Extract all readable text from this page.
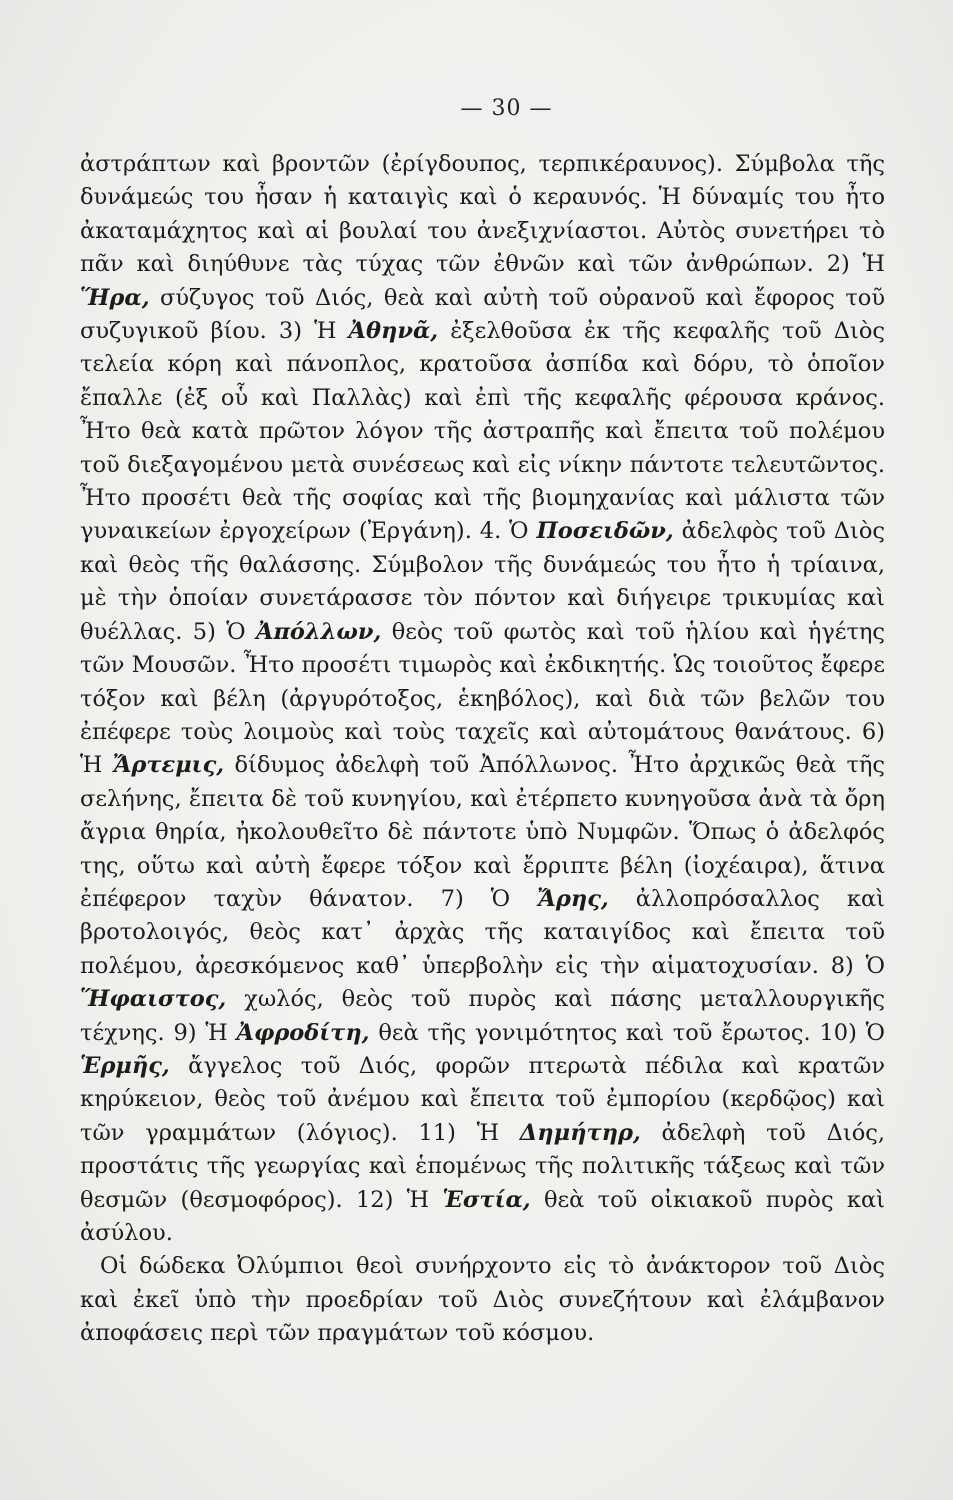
— 30 —

ἀστράπτων καὶ βροντῶν (ἐρίγδουπος, τερπικέραυνος). Σύμβολα τῆς δυνάμεώς του ἦσαν ἡ καταιγὶς καὶ ὁ κεραυνός. Ἡ δύναμίς του ἦτο ἀκαταμάχητος καὶ αἱ βουλαί του ἀνεξιχνίαστοι. Αὐτὸς συνετήρει τὸ πᾶν καὶ διηύθυνε τὰς τύχας τῶν ἐθνῶν καὶ τῶν ἀνθρώπων. 2) Ἡ Ἥρα, σύζυγος τοῦ Διός, θεὰ καὶ αὐτὴ τοῦ οὐρανοῦ καὶ ἔφορος τοῦ συζυγικοῦ βίου. 3) Ἡ Ἀθηνᾶ, ἐξελθοῦσα ἐκ τῆς κεφαλῆς τοῦ Διὸς τελεία κόρη καὶ πάνοπλος, κρατοῦσα ἀσπίδα καὶ δόρυ, τὸ ὁποῖον ἔπαλλε (ἐξ οὗ καὶ Παλλὰς) καὶ ἐπὶ τῆς κεφαλῆς φέρουσα κράνος. Ἦτο θεὰ κατὰ πρῶτον λόγον τῆς ἀστραπῆς καὶ ἔπειτα τοῦ πολέμου τοῦ διεξαγομένου μετὰ συνέσεως καὶ εἰς νίκην πάντοτε τελευτῶντος. Ἦτο προσέτι θεὰ τῆς σοφίας καὶ τῆς βιομηχανίας καὶ μάλιστα τῶν γυναικείων ἐργοχείρων (Ἐργάνη). 4. Ὁ Ποσειδῶν, ἀδελφὸς τοῦ Διὸς καὶ θεὸς τῆς θαλάσσης. Σύμβολον τῆς δυνάμεώς του ἦτο ἡ τρίαινα, μὲ τὴν ὁποίαν συνετάρασσε τὸν πόντον καὶ διήγειρε τρικυμίας καὶ θυέλλας. 5) Ὁ Ἀπόλλων, θεὸς τοῦ φωτὸς καὶ τοῦ ἡλίου καὶ ἡγέτης τῶν Μουσῶν. Ἦτο προσέτι τιμωρὸς καὶ ἐκδικητής. Ὡς τοιοῦτος ἔφερε τόξον καὶ βέλη (ἀργυρότοξος, ἑκηβόλος), καὶ διὰ τῶν βελῶν του ἐπέφερε τοὺς λοιμοὺς καὶ τοὺς ταχεῖς καὶ αὐτομάτους θανάτους. 6) Ἡ Ἄρτεμις, δίδυμος ἀδελφὴ τοῦ Ἀπόλλωνος. Ἦτο ἀρχικῶς θεὰ τῆς σελήνης, ἔπειτα δὲ τοῦ κυνηγίου, καὶ ἐτέρπετο κυνηγοῦσα ἀνὰ τὰ ὄρη ἄγρια θηρία, ἠκολουθεῖτο δὲ πάντοτε ὑπὸ Νυμφῶν. Ὅπως ὁ ἀδελφός της, οὕτω καὶ αὐτὴ ἔφερε τόξον καὶ ἔρριπτε βέλη (ἰοχέαιρα), ἅτινα ἐπέφερον ταχὺν θάνατον. 7) Ὁ Ἄρης, ἀλλοπρόσαλλος καὶ βροτολοιγός, θεὸς κατ᾽ ἀρχὰς τῆς καταιγίδος καὶ ἔπειτα τοῦ πολέμου, ἀρεσκόμενος καθ᾽ ὑπερβολὴν εἰς τὴν αἱματοχυσίαν. 8) Ὁ Ἥφαιστος, χωλός, θεὸς τοῦ πυρὸς καὶ πάσης μεταλλουργικῆς τέχνης. 9) Ἡ Ἀφροδίτη, θεὰ τῆς γονιμότητος καὶ τοῦ ἔρωτος. 10) Ὁ Ἑρμῆς, ἄγγελος τοῦ Διός, φορῶν πτερωτὰ πέδιλα καὶ κρατῶν κηρύκειον, θεὸς τοῦ ἀνέμου καὶ ἔπειτα τοῦ ἐμπορίου (κερδῷος) καὶ τῶν γραμμάτων (λόγιος). 11) Ἡ Δημήτηρ, ἀδελφὴ τοῦ Διός, προστάτις τῆς γεωργίας καὶ ἑπομένως τῆς πολιτικῆς τάξεως καὶ τῶν θεσμῶν (θεσμοφόρος). 12) Ἡ Ἑστία, θεὰ τοῦ οἰκιακοῦ πυρὸς καὶ ἀσύλου.

Οἱ δώδεκα Ὀλύμπιοι θεοὶ συνήρχοντο εἰς τὸ ἀνάκτορον τοῦ Διὸς καὶ ἐκεῖ ὑπὸ τὴν προεδρίαν τοῦ Διὸς συνεζήτουν καὶ ἐλάμβανον ἀποφάσεις περὶ τῶν πραγμάτων τοῦ κόσμου.
